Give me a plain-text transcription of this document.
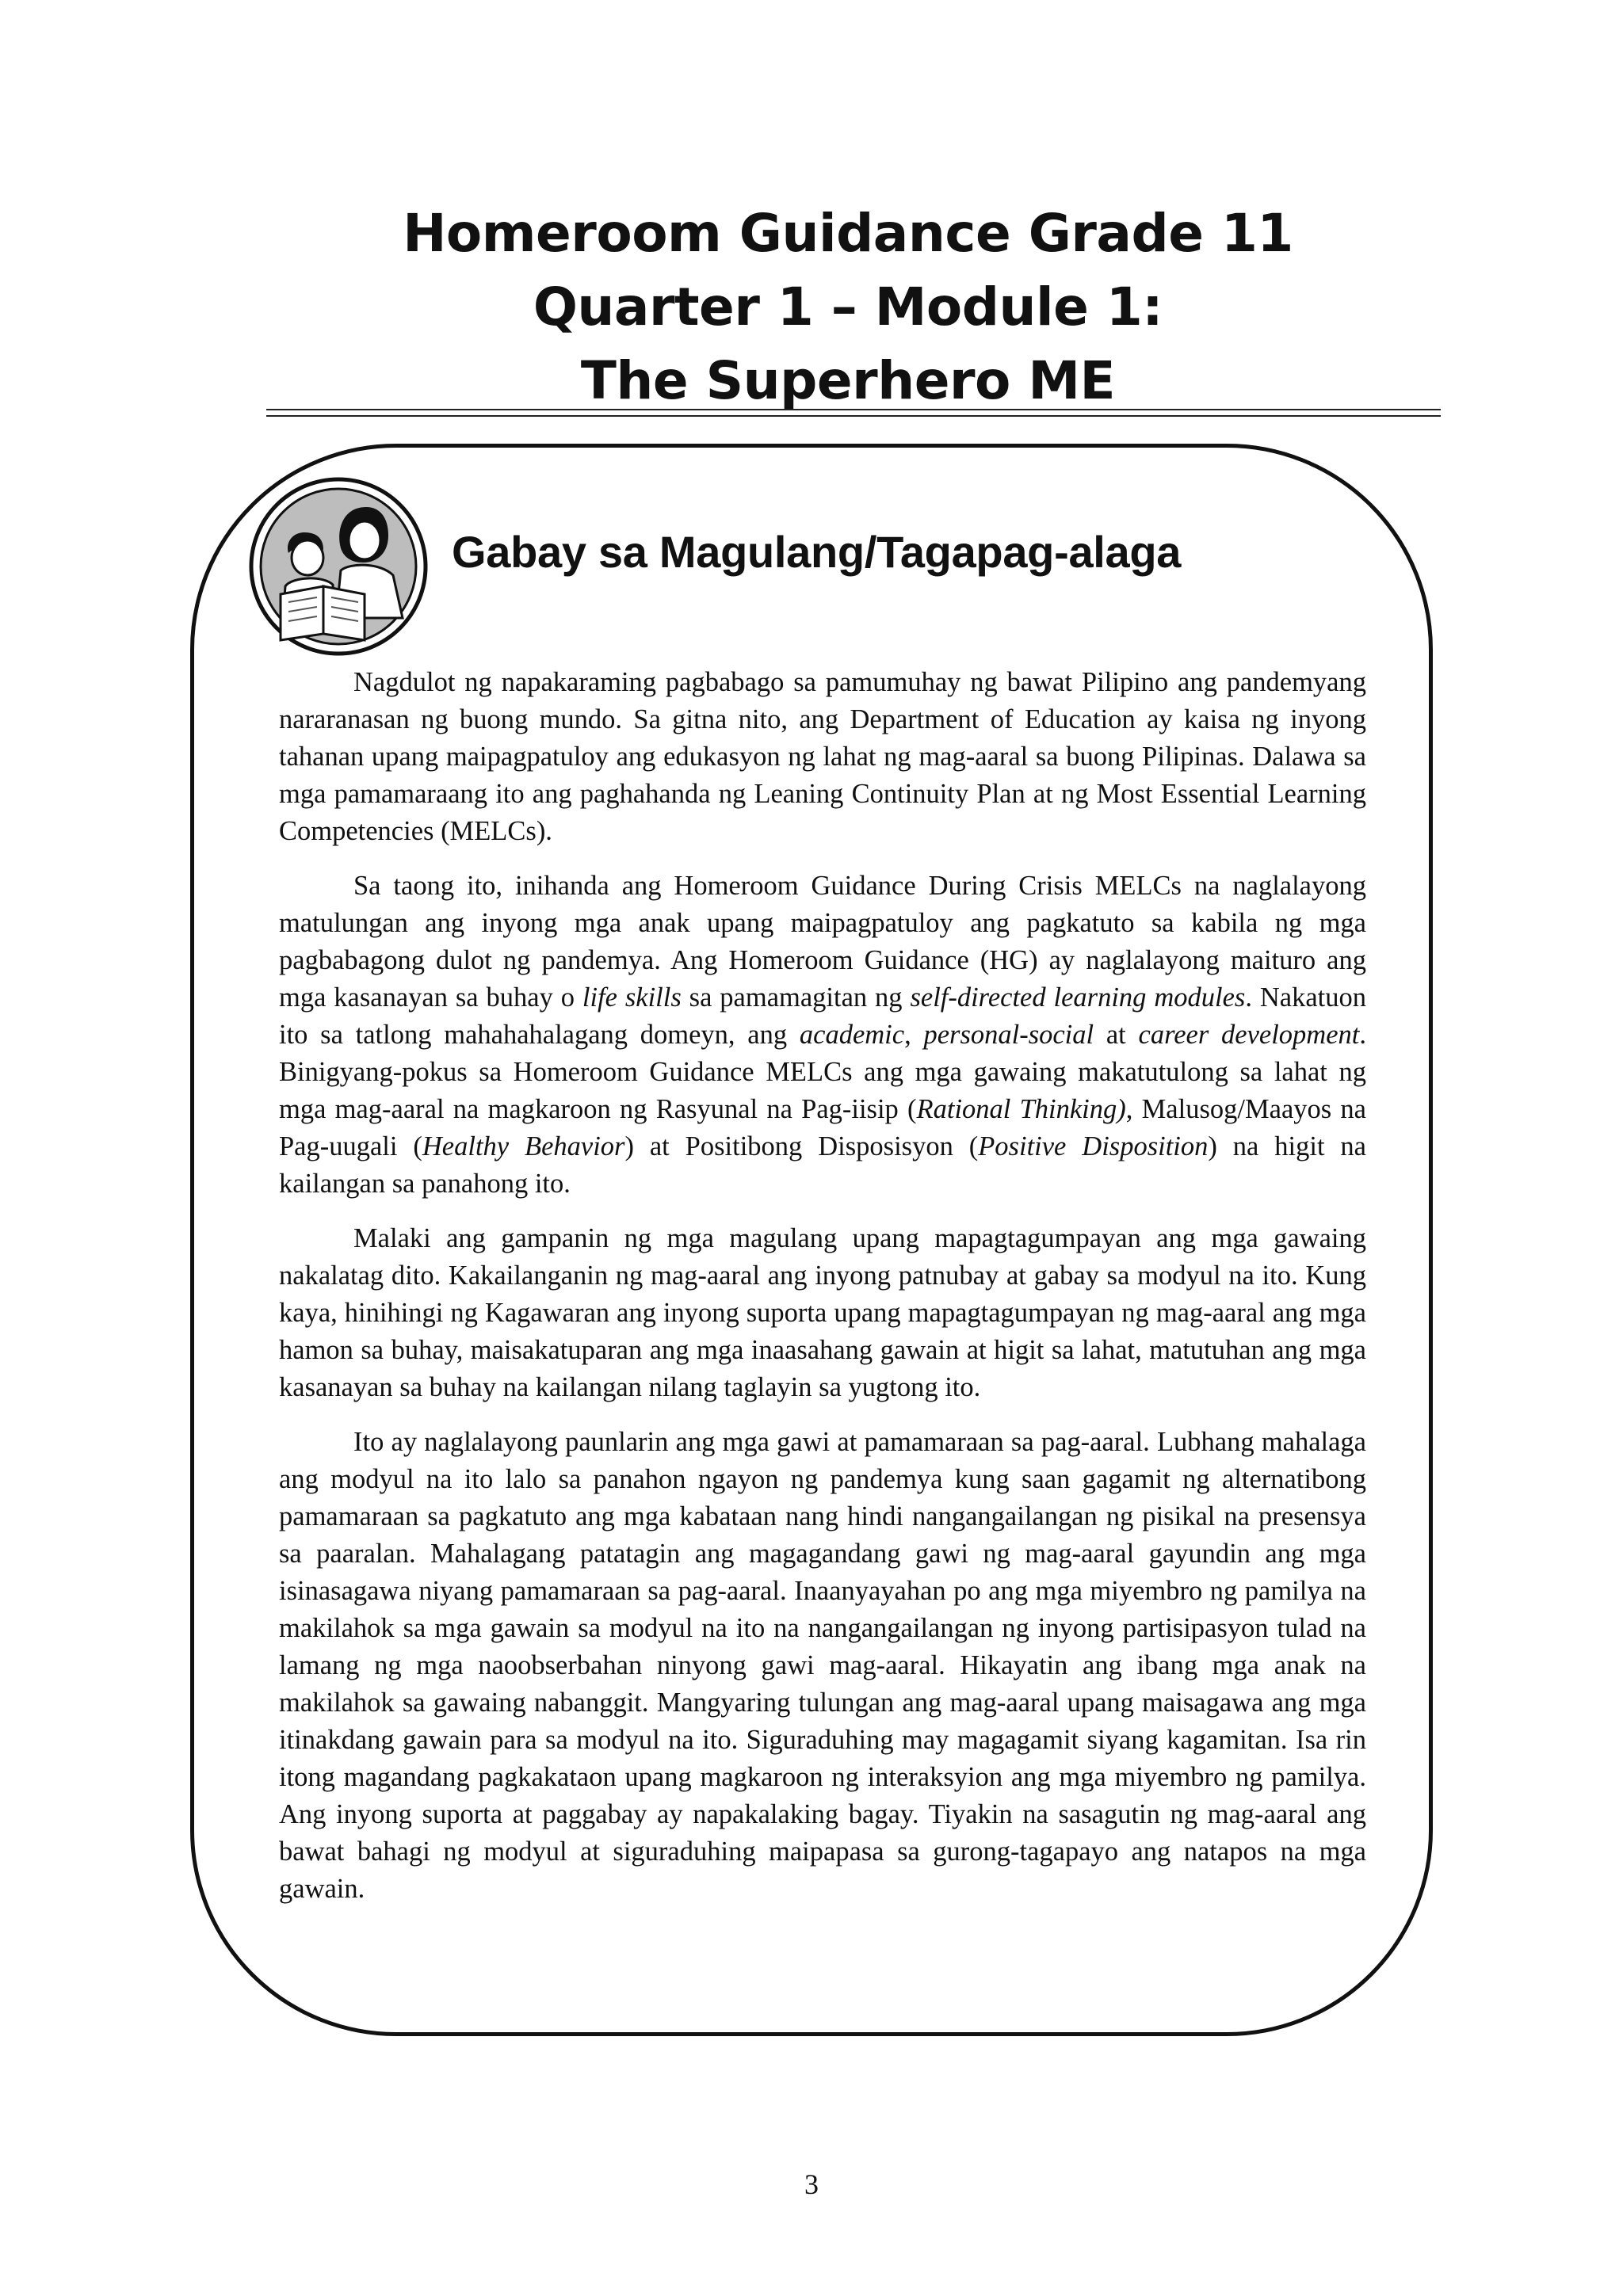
Homeroom Guidance Grade 11

Quarter 1 – Module 1:

The Superhero ME

Gabay sa Magulang/Tagapag-alaga

Nagdulot ng napakaraming pagbabago sa pamumuhay ng bawat Pilipino ang pandemyang nararanasan ng buong mundo. Sa gitna nito, ang Department of Education ay kaisa ng inyong tahanan upang maipagpatuloy ang edukasyon ng lahat ng mag-aaral sa buong Pilipinas. Dalawa sa mga pamamaraang ito ang paghahanda ng Leaning Continuity Plan at ng Most Essential Learning Competencies (MELCs).

Sa taong ito, inihanda ang Homeroom Guidance During Crisis MELCs na naglalayong matulungan ang inyong mga anak upang maipagpatuloy ang pagkatuto sa kabila ng mga pagbabagong dulot ng pandemya. Ang Homeroom Guidance (HG) ay naglalayong maituro ang mga kasanayan sa buhay o life skills sa pamamagitan ng self-directed learning modules. Nakatuon ito sa tatlong mahahahalagang domeyn, ang academic, personal-social at career development. Binigyang-pokus sa Homeroom Guidance MELCs ang mga gawaing makatutulong sa lahat ng mga mag-aaral na magkaroon ng Rasyunal na Pag-iisip (Rational Thinking), Malusog/Maayos na Pag-uugali (Healthy Behavior) at Positibong Disposisyon (Positive Disposition) na higit na kailangan sa panahong ito.

Malaki ang gampanin ng mga magulang upang mapagtagumpayan ang mga gawaing nakalatag dito. Kakailanganin ng mag-aaral ang inyong patnubay at gabay sa modyul na ito. Kung kaya, hinihingi ng Kagawaran ang inyong suporta upang mapagtagumpayan ng mag-aaral ang mga hamon sa buhay, maisakatuparan ang mga inaasahang gawain at higit sa lahat, matutuhan ang mga kasanayan sa buhay na kailangan nilang taglayin sa yugtong ito.

Ito ay naglalayong paunlarin ang mga gawi at pamamaraan sa pag-aaral. Lubhang mahalaga ang modyul na ito lalo sa panahon ngayon ng pandemya kung saan gagamit ng alternatibong pamamaraan sa pagkatuto ang mga kabataan nang hindi nangangailangan ng pisikal na presensya sa paaralan. Mahalagang patatagin ang magagandang gawi ng mag-aaral gayundin ang mga isinasagawa niyang pamamaraan sa pag-aaral. Inaanyayahan po ang mga miyembro ng pamilya na makilahok sa mga gawain sa modyul na ito na nangangailangan ng inyong partisipasyon tulad na lamang ng mga naoobserbahan ninyong gawi mag-aaral. Hikayatin ang ibang mga anak na makilahok sa gawaing nabanggit. Mangyaring tulungan ang mag-aaral upang maisagawa ang mga itinakdang gawain para sa modyul na ito. Siguraduhing may magagamit siyang kagamitan. Isa rin itong magandang pagkakataon upang magkaroon ng interaksyion ang mga miyembro ng pamilya. Ang inyong suporta at paggabay ay napakalaking bagay. Tiyakin na sasagutin ng mag-aaral ang bawat bahagi ng modyul at siguraduhing maipapasa sa gurong-tagapayo ang natapos na mga gawain.

3
